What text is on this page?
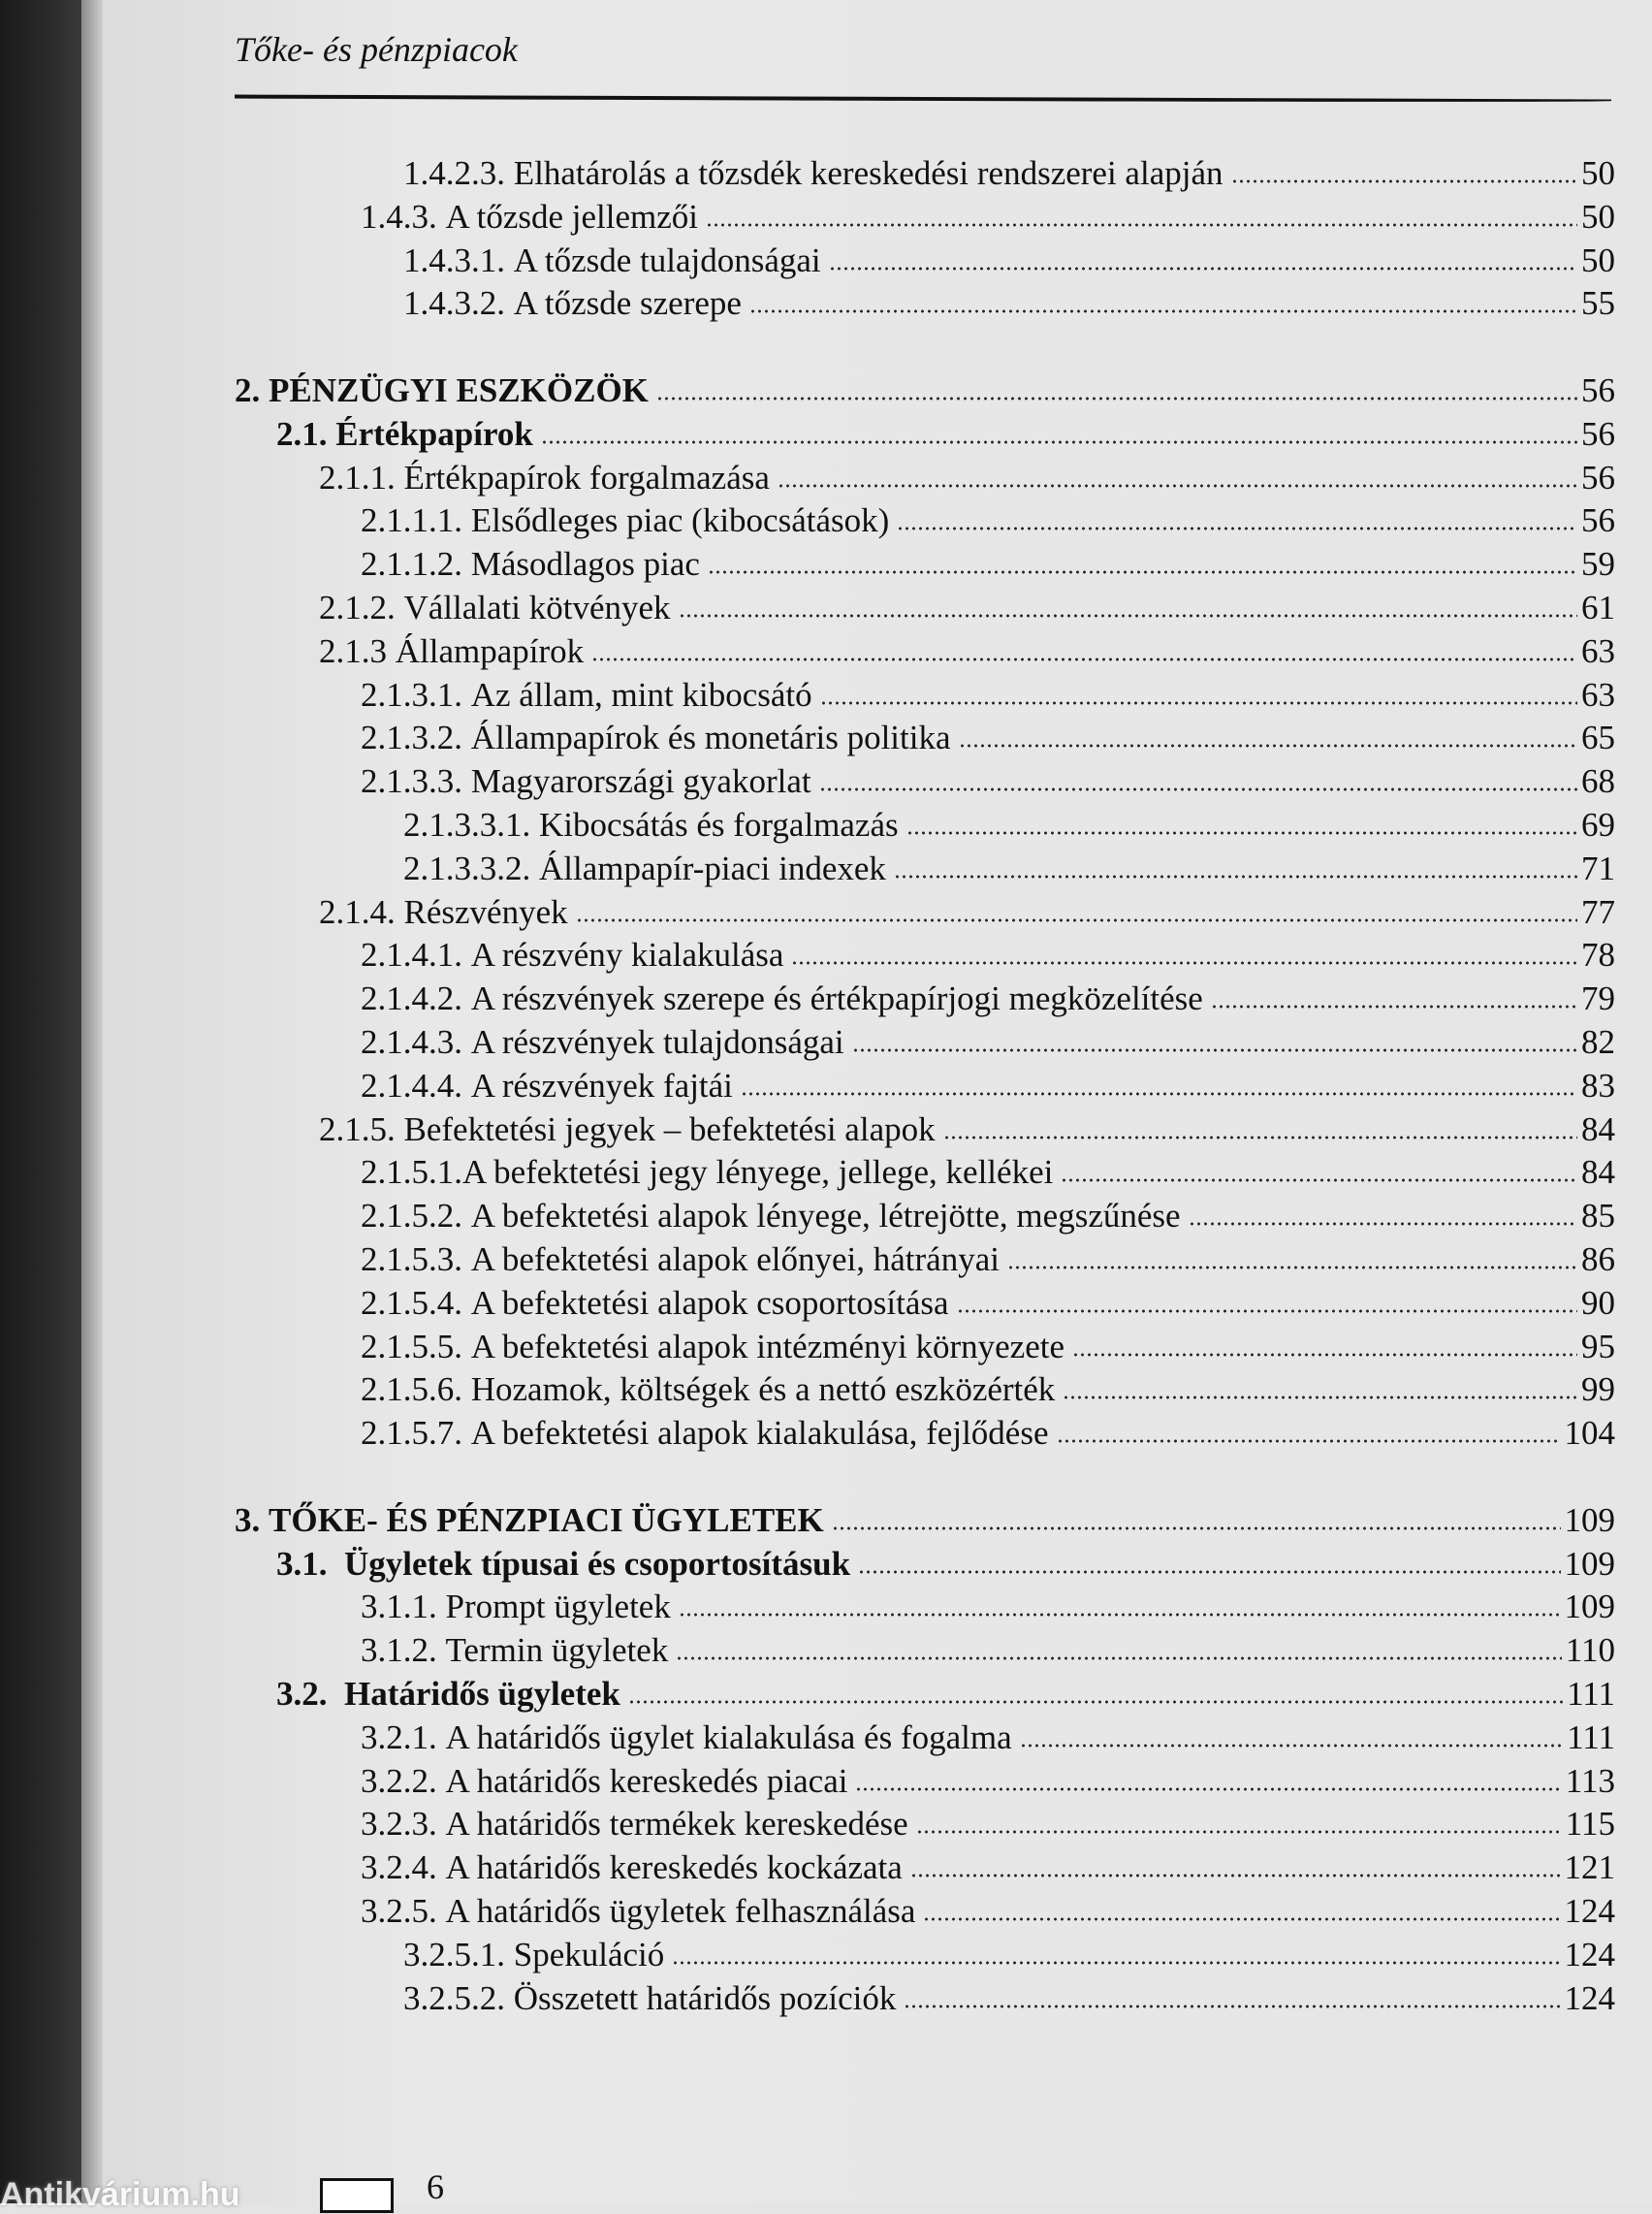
Tőke- és pénzpiacok
1.4.2.3. Elhatárolás a tőzsdék kereskedési rendszerei alapján	50
1.4.3. A tőzsde jellemzői	50
1.4.3.1. A tőzsde tulajdonságai	50
1.4.3.2. A tőzsde szerepe	55
2. PÉNZÜGYI ESZKÖZÖK	56
2.1. Értékpapírok	56
2.1.1. Értékpapírok forgalmazása	56
2.1.1.1. Elsődleges piac (kibocsátások)	56
2.1.1.2. Másodlagos piac	59
2.1.2. Vállalati kötvények	61
2.1.3 Állampapírok	63
2.1.3.1. Az állam, mint kibocsátó	63
2.1.3.2. Állampapírok és monetáris politika	65
2.1.3.3. Magyarországi gyakorlat	68
2.1.3.3.1. Kibocsátás és forgalmazás	69
2.1.3.3.2. Állampapír-piaci indexek	71
2.1.4. Részvények	77
2.1.4.1. A részvény kialakulása	78
2.1.4.2. A részvények szerepe és értékpapírjogi megközelítése	79
2.1.4.3. A részvények tulajdonságai	82
2.1.4.4. A részvények fajtái	83
2.1.5. Befektetési jegyek – befektetési alapok	84
2.1.5.1. A befektetési jegy lényege, jellege, kellékei	84
2.1.5.2. A befektetési alapok lényege, létrejötte, megszűnése	85
2.1.5.3. A befektetési alapok előnyei, hátrányai	86
2.1.5.4. A befektetési alapok csoportosítása	90
2.1.5.5. A befektetési alapok intézményi környezete	95
2.1.5.6. Hozamok, költségek és a nettó eszközérték	99
2.1.5.7. A befektetési alapok kialakulása, fejlődése	104
3. TŐKE- ÉS PÉNZPIACI ÜGYLETEK	109
3.1. Ügyletek típusai és csoportosításuk	109
3.1.1. Prompt ügyletek	109
3.1.2. Termin ügyletek	110
3.2. Határidős ügyletek	111
3.2.1. A határidős ügylet kialakulása és fogalma	111
3.2.2. A határidős kereskedés piacai	113
3.2.3. A határidős termékek kereskedése	115
3.2.4. A határidős kereskedés kockázata	121
3.2.5. A határidős ügyletek felhasználása	124
3.2.5.1. Spekuláció	124
3.2.5.2. Összetett határidős pozíciók	124
Antikvárium.hu	6
